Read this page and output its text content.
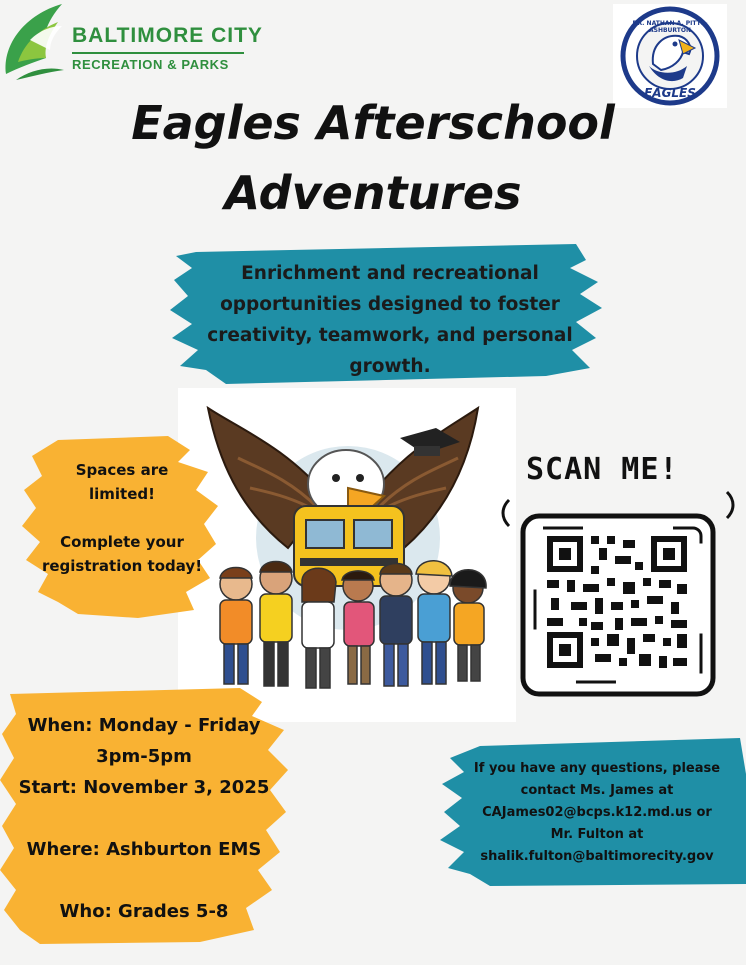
BALTIMORE CITY
RECREATION & PARKS
DR. NATHAN A. PITTS-ASHBURTON
EAGLES
Eagles Afterschool
Adventures
Enrichment and recreational
opportunities designed to foster
creativity, teamwork, and personal
growth.
Spaces are
limited!
Complete your
registration today!
When: Monday - Friday
3pm-5pm
Start: November 3, 2025
Where: Ashburton EMS
Who: Grades 5-8
SCAN ME!
If you have any questions, please
contact Ms. James at
CAJames02@bcps.k12.md.us or
Mr. Fulton at
shalik.fulton@baltimorecity.gov
